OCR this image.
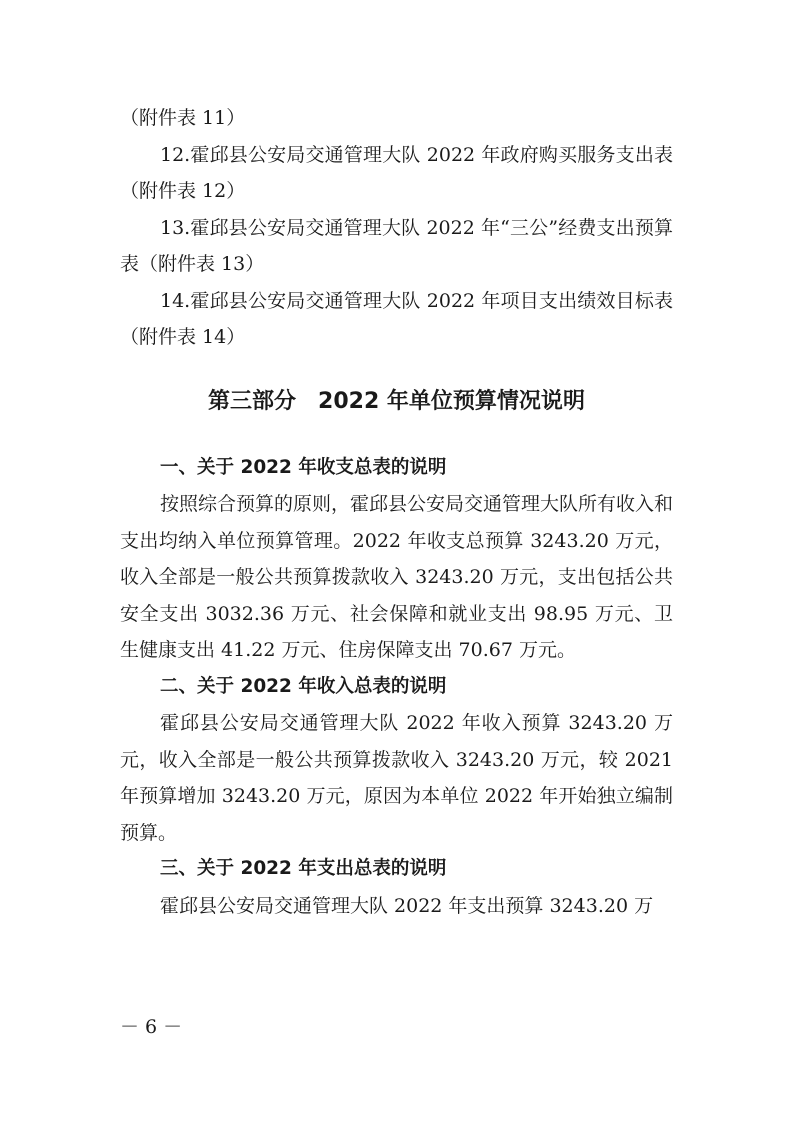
（附件表 11）

12.霍邱县公安局交通管理大队 2022 年政府购买服务支出表（附件表 12）

13.霍邱县公安局交通管理大队 2022 年“三公”经费支出预算表（附件表 13）

14.霍邱县公安局交通管理大队 2022 年项目支出绩效目标表（附件表 14）

第三部分　2022 年单位预算情况说明

一、关于 2022 年收支总表的说明

按照综合预算的原则，霍邱县公安局交通管理大队所有收入和支出均纳入单位预算管理。2022 年收支总预算 3243.20 万元，收入全部是一般公共预算拨款收入 3243.20 万元，支出包括公共安全支出 3032.36 万元、社会保障和就业支出 98.95 万元、卫生健康支出 41.22 万元、住房保障支出 70.67 万元。

二、关于 2022 年收入总表的说明

霍邱县公安局交通管理大队 2022 年收入预算 3243.20 万元，收入全部是一般公共预算拨款收入 3243.20 万元，较 2021 年预算增加 3243.20 万元，原因为本单位 2022 年开始独立编制预算。

三、关于 2022 年支出总表的说明

霍邱县公安局交通管理大队 2022 年支出预算 3243.20 万

－ 6 －
